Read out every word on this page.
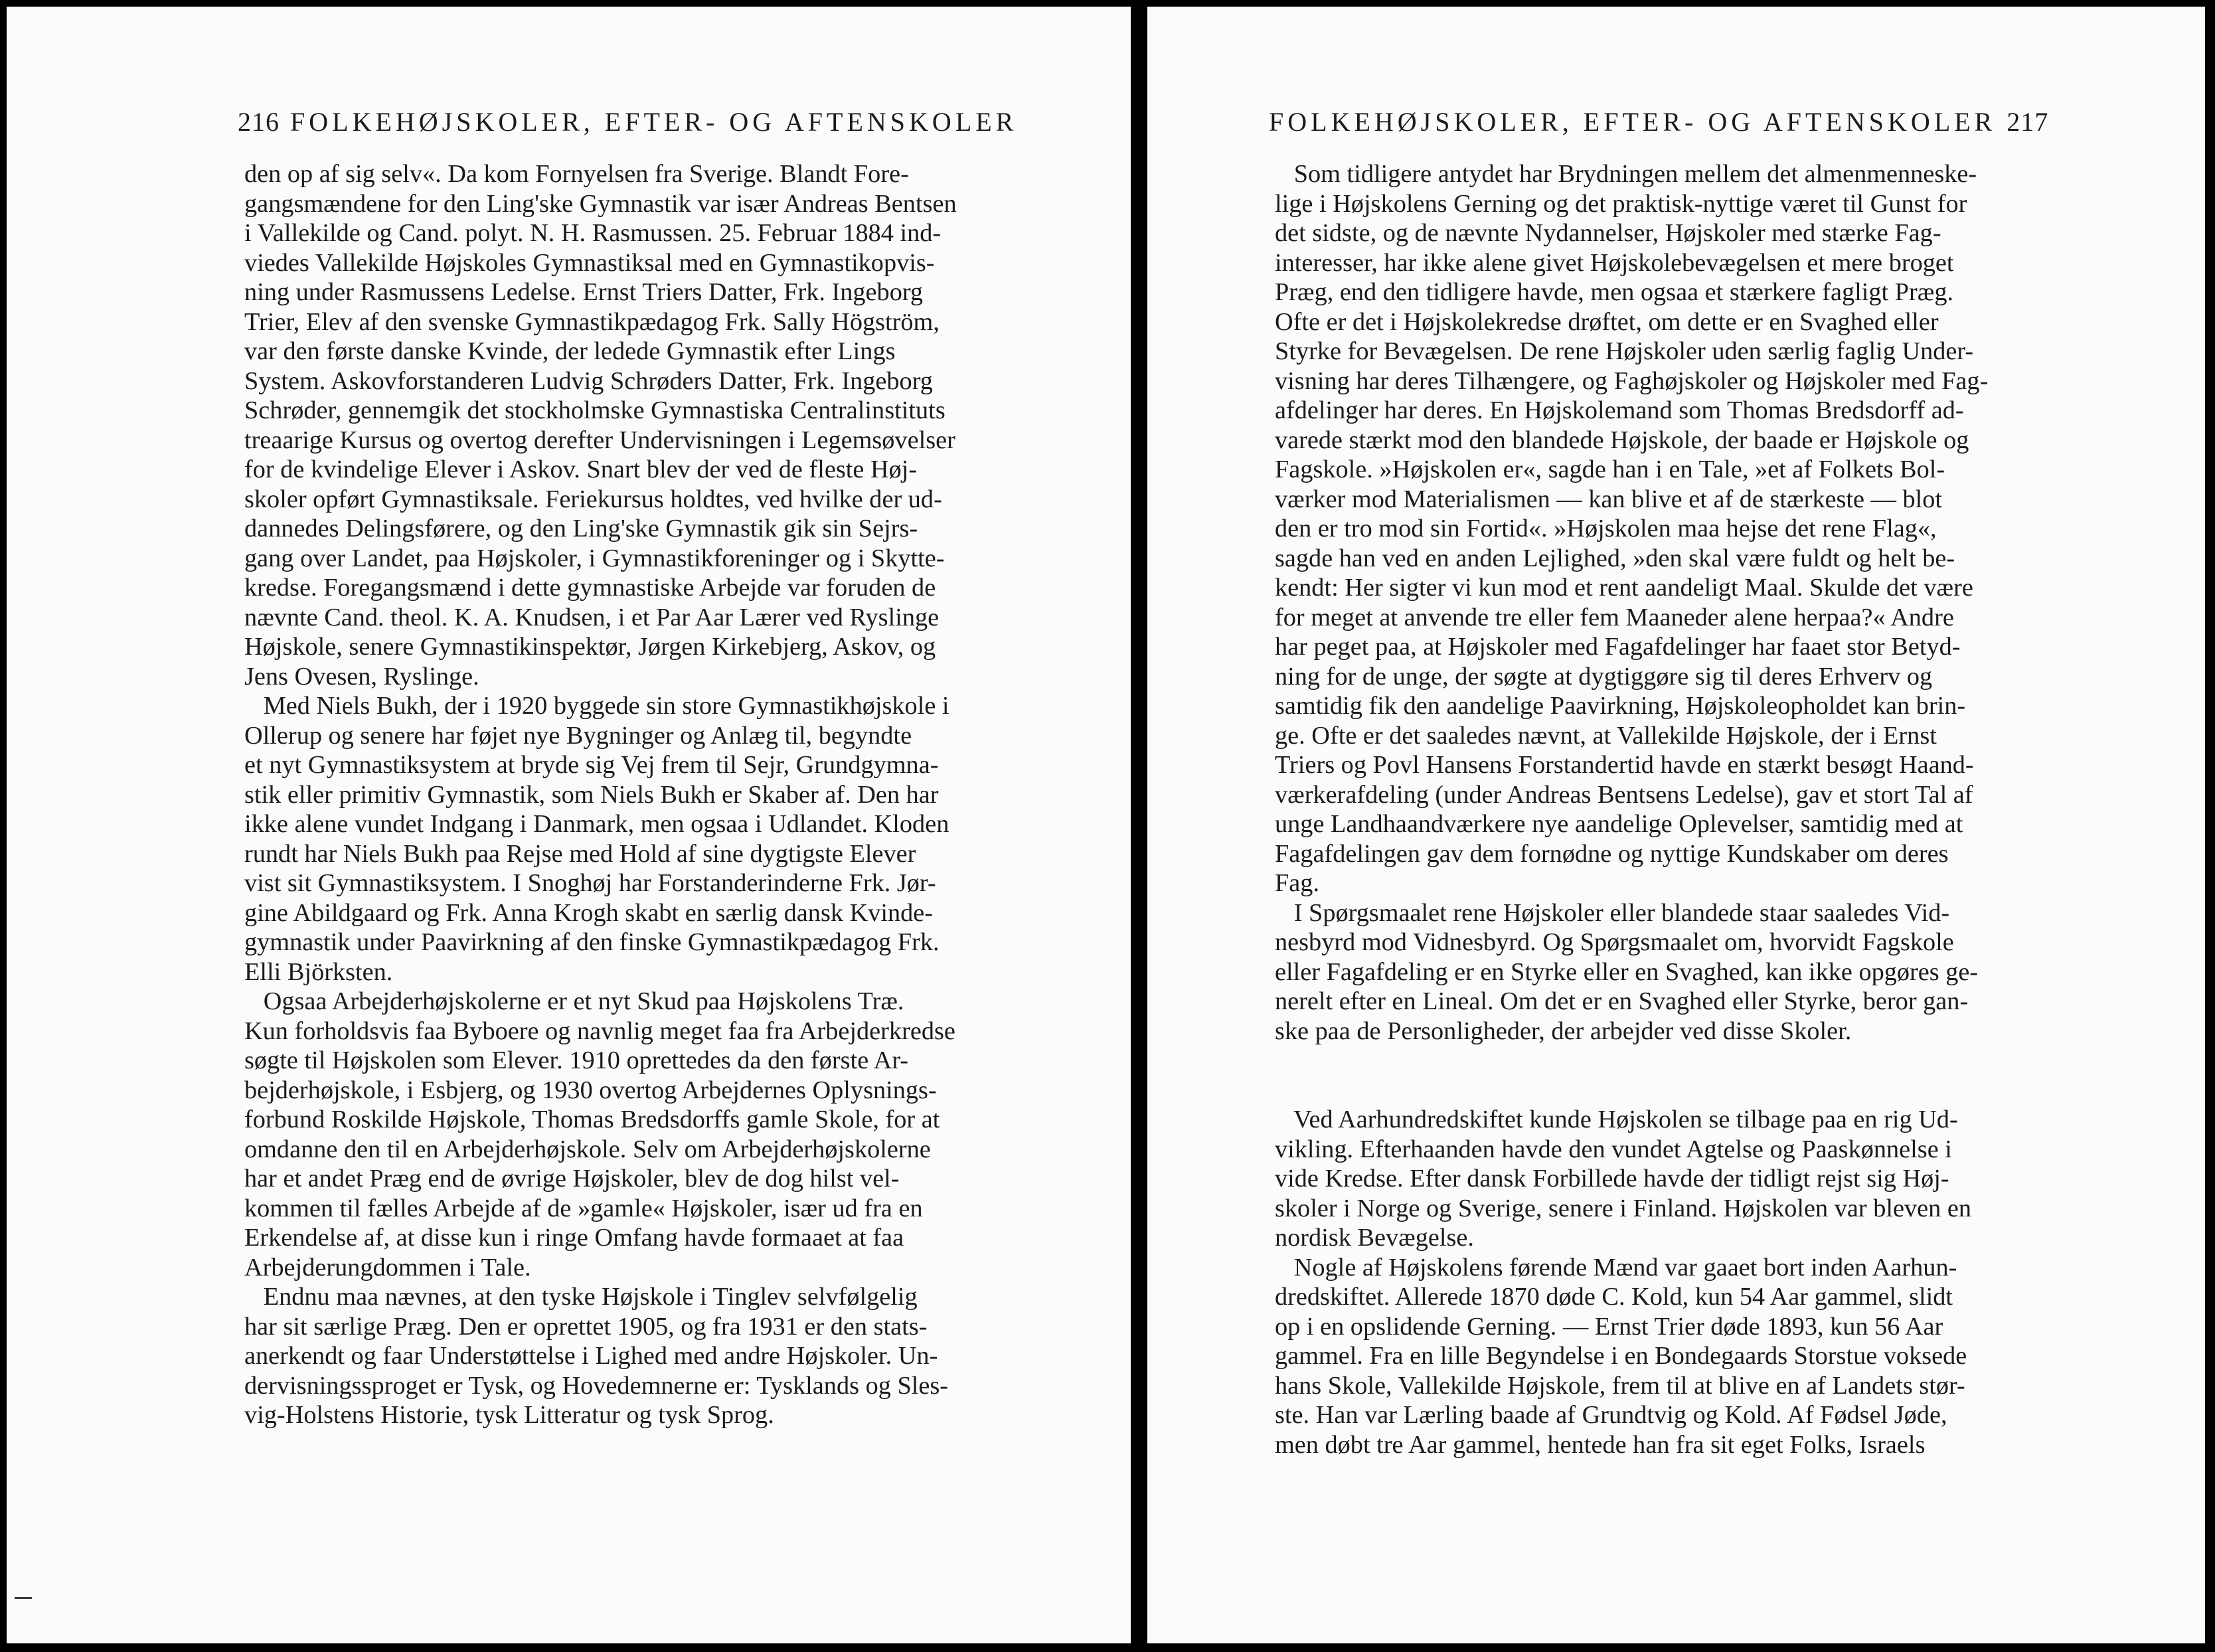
216 FOLKEHØJSKOLER, EFTER- OG AFTENSKOLER
den op af sig selv«. Da kom Fornyelsen fra Sverige. Blandt Fore-
gangsmændene for den Ling'ske Gymnastik var især Andreas Bentsen
i Vallekilde og Cand. polyt. N. H. Rasmussen. 25. Februar 1884 ind-
viedes Vallekilde Højskoles Gymnastiksal med en Gymnastikopvis-
ning under Rasmussens Ledelse. Ernst Triers Datter, Frk. Ingeborg
Trier, Elev af den svenske Gymnastikpædagog Frk. Sally Högström,
var den første danske Kvinde, der ledede Gymnastik efter Lings
System. Askovforstanderen Ludvig Schrøders Datter, Frk. Ingeborg
Schrøder, gennemgik det stockholmske Gymnastiska Centralinstituts
treaarige Kursus og overtog derefter Undervisningen i Legemsøvelser
for de kvindelige Elever i Askov. Snart blev der ved de fleste Høj-
skoler opført Gymnastiksale. Feriekursus holdtes, ved hvilke der ud-
dannedes Delingsførere, og den Ling'ske Gymnastik gik sin Sejrs-
gang over Landet, paa Højskoler, i Gymnastikforeninger og i Skytte-
kredse. Foregangsmænd i dette gymnastiske Arbejde var foruden de
nævnte Cand. theol. K. A. Knudsen, i et Par Aar Lærer ved Ryslinge
Højskole, senere Gymnastikinspektør, Jørgen Kirkebjerg, Askov, og
Jens Ovesen, Ryslinge.
Med Niels Bukh, der i 1920 byggede sin store Gymnastikhøjskole i
Ollerup og senere har føjet nye Bygninger og Anlæg til, begyndte
et nyt Gymnastiksystem at bryde sig Vej frem til Sejr, Grundgymna-
stik eller primitiv Gymnastik, som Niels Bukh er Skaber af. Den har
ikke alene vundet Indgang i Danmark, men ogsaa i Udlandet. Kloden
rundt har Niels Bukh paa Rejse med Hold af sine dygtigste Elever
vist sit Gymnastiksystem. I Snoghøj har Forstanderinderne Frk. Jør-
gine Abildgaard og Frk. Anna Krogh skabt en særlig dansk Kvinde-
gymnastik under Paavirkning af den finske Gymnastikpædagog Frk.
Elli Björksten.
Ogsaa Arbejderhøjskolerne er et nyt Skud paa Højskolens Træ.
Kun forholdsvis faa Byboere og navnlig meget faa fra Arbejderkredse
søgte til Højskolen som Elever. 1910 oprettedes da den første Ar-
bejderhøjskole, i Esbjerg, og 1930 overtog Arbejdernes Oplysnings-
forbund Roskilde Højskole, Thomas Bredsdorffs gamle Skole, for at
omdanne den til en Arbejderhøjskole. Selv om Arbejderhøjskolerne
har et andet Præg end de øvrige Højskoler, blev de dog hilst vel-
kommen til fælles Arbejde af de »gamle« Højskoler, især ud fra en
Erkendelse af, at disse kun i ringe Omfang havde formaaet at faa
Arbejderungdommen i Tale.
Endnu maa nævnes, at den tyske Højskole i Tinglev selvfølgelig
har sit særlige Præg. Den er oprettet 1905, og fra 1931 er den stats-
anerkendt og faar Understøttelse i Lighed med andre Højskoler. Un-
dervisningssproget er Tysk, og Hovedemnerne er: Tysklands og Sles-
vig-Holstens Historie, tysk Litteratur og tysk Sprog.
FOLKEHØJSKOLER, EFTER- OG AFTENSKOLER 217
Som tidligere antydet har Brydningen mellem det almenmenneske-
lige i Højskolens Gerning og det praktisk-nyttige været til Gunst for
det sidste, og de nævnte Nydannelser, Højskoler med stærke Fag-
interesser, har ikke alene givet Højskolebevægelsen et mere broget
Præg, end den tidligere havde, men ogsaa et stærkere fagligt Præg.
Ofte er det i Højskolekredse drøftet, om dette er en Svaghed eller
Styrke for Bevægelsen. De rene Højskoler uden særlig faglig Under-
visning har deres Tilhængere, og Faghøjskoler og Højskoler med Fag-
afdelinger har deres. En Højskolemand som Thomas Bredsdorff ad-
varede stærkt mod den blandede Højskole, der baade er Højskole og
Fagskole. »Højskolen er«, sagde han i en Tale, »et af Folkets Bol-
værker mod Materialismen — kan blive et af de stærkeste — blot
den er tro mod sin Fortid«. »Højskolen maa hejse det rene Flag«,
sagde han ved en anden Lejlighed, »den skal være fuldt og helt be-
kendt: Her sigter vi kun mod et rent aandeligt Maal. Skulde det være
for meget at anvende tre eller fem Maaneder alene herpaa?« Andre
har peget paa, at Højskoler med Fagafdelinger har faaet stor Betyd-
ning for de unge, der søgte at dygtiggøre sig til deres Erhverv og
samtidig fik den aandelige Paavirkning, Højskoleopholdet kan brin-
ge. Ofte er det saaledes nævnt, at Vallekilde Højskole, der i Ernst
Triers og Povl Hansens Forstandertid havde en stærkt besøgt Haand-
værkerafdeling (under Andreas Bentsens Ledelse), gav et stort Tal af
unge Landhaandværkere nye aandelige Oplevelser, samtidig med at
Fagafdelingen gav dem fornødne og nyttige Kundskaber om deres
Fag.
I Spørgsmaalet rene Højskoler eller blandede staar saaledes Vid-
nesbyrd mod Vidnesbyrd. Og Spørgsmaalet om, hvorvidt Fagskole
eller Fagafdeling er en Styrke eller en Svaghed, kan ikke opgøres ge-
nerelt efter en Lineal. Om det er en Svaghed eller Styrke, beror gan-
ske paa de Personligheder, der arbejder ved disse Skoler.
Ved Aarhundredskiftet kunde Højskolen se tilbage paa en rig Ud-
vikling. Efterhaanden havde den vundet Agtelse og Paaskønnelse i
vide Kredse. Efter dansk Forbillede havde der tidligt rejst sig Høj-
skoler i Norge og Sverige, senere i Finland. Højskolen var bleven en
nordisk Bevægelse.
Nogle af Højskolens førende Mænd var gaaet bort inden Aarhun-
dredskiftet. Allerede 1870 døde C. Kold, kun 54 Aar gammel, slidt
op i en opslidende Gerning. — Ernst Trier døde 1893, kun 56 Aar
gammel. Fra en lille Begyndelse i en Bondegaards Storstue voksede
hans Skole, Vallekilde Højskole, frem til at blive en af Landets stør-
ste. Han var Lærling baade af Grundtvig og Kold. Af Fødsel Jøde,
men døbt tre Aar gammel, hentede han fra sit eget Folks, Israels
